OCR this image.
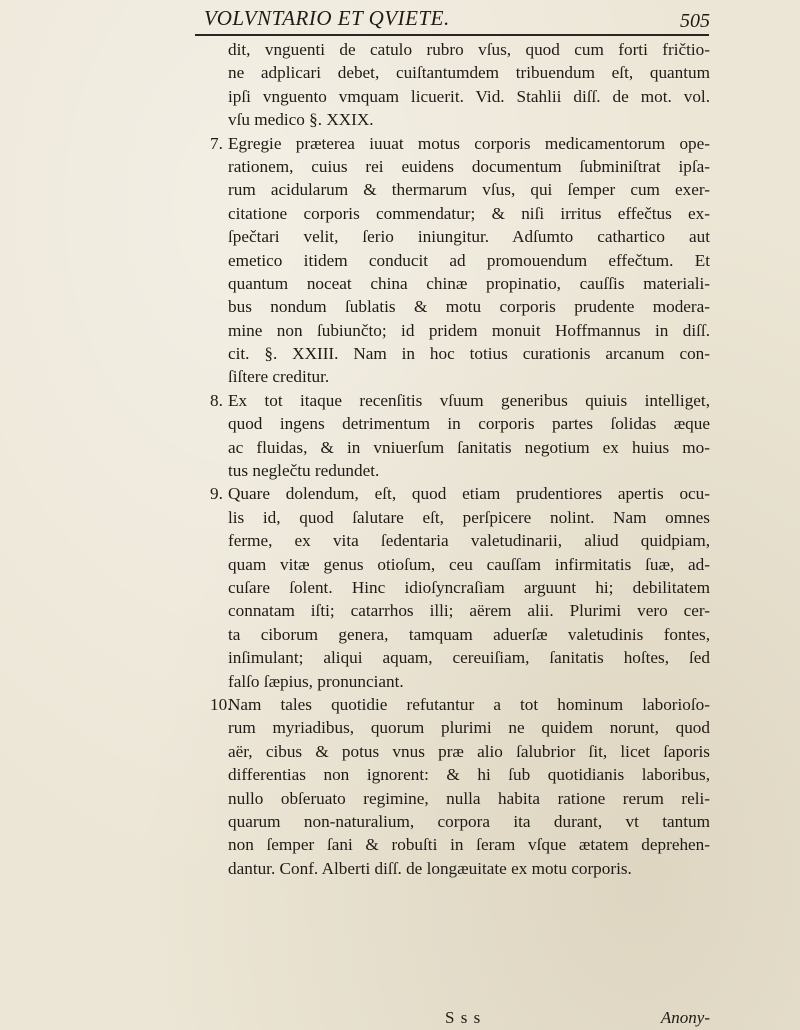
VOLVNTARIO ET QVIETE.	505
dit, vnguenti de catulo rubro vſus, quod cum forti fričtio-
ne adplicari debet, cuiſtantumdem tribuendum eſt, quantum
ipſi vnguento vmquam licuerit. Vid. Stahlii diſſ. de mot. vol.
vſu medico §. XXIX.
7. Egregie prӕterea iuuat motus corporis medicamentorum ope-
rationem, cuius rei euidens documentum ſubminiſtrat ipſa-
rum acidularum & thermarum vſus, qui ſemper cum exer-
citatione corporis commendatur; & niſi irritus effečtus ex-
ſpečtari velit, ſerio iniungitur. Adſumto cathartico aut
emetico itidem conducit ad promouendum effečtum. Et
quantum noceat china chinӕ propinatio, cauſſis materiali-
bus nondum ſublatis & motu corporis prudente modera-
mine non ſubiunčto; id pridem monuit Hoffmannus in diſſ.
cit. §. XXIII. Nam in hoc totius curationis arcanum con-
ſiſtere creditur.
8. Ex tot itaque recenſitis vſuum generibus quiuis intelliget,
quod ingens detrimentum in corporis partes ſolidas ӕque
ac fluidas, & in vniuerſum ſanitatis negotium ex huius mo-
tus neglečtu redundet.
9. Quare dolendum, eſt, quod etiam prudentiores apertis ocu-
lis id, quod ſalutare eſt, perſpicere nolint. Nam omnes
ferme, ex vita ſedentaria valetudinarii, aliud quidpiam,
quam vitӕ genus otioſum, ceu cauſſam infirmitatis ſuӕ, ad-
cuſare ſolent. Hinc idioſyncraſiam arguunt hi; debilitatem
connatam iſti; catarrhos illi; aërem alii. Plurimi vero cer-
ta ciborum genera, tamquam aduerſӕ valetudinis fontes,
inſimulant; aliqui aquam, cereuiſiam, ſanitatis hoſtes, ſed
falſo ſӕpius, pronunciant.
10.Nam tales quotidie refutantur a tot hominum laborioſo-
rum myriadibus, quorum plurimi ne quidem norunt, quod
aër, cibus & potus vnus prӕ alio ſalubrior ſit, licet ſaporis
differentias non ignorent: & hi ſub quotidianis laboribus,
nullo obſeruato regimine, nulla habita ratione rerum reli-
quarum non-naturalium, corpora ita durant, vt tantum
non ſemper ſani & robuſti in ſeram vſque ӕtatem deprehen-
dantur. Conf. Alberti diſſ. de longӕuitate ex motu corporis.
S s s	Anony-
